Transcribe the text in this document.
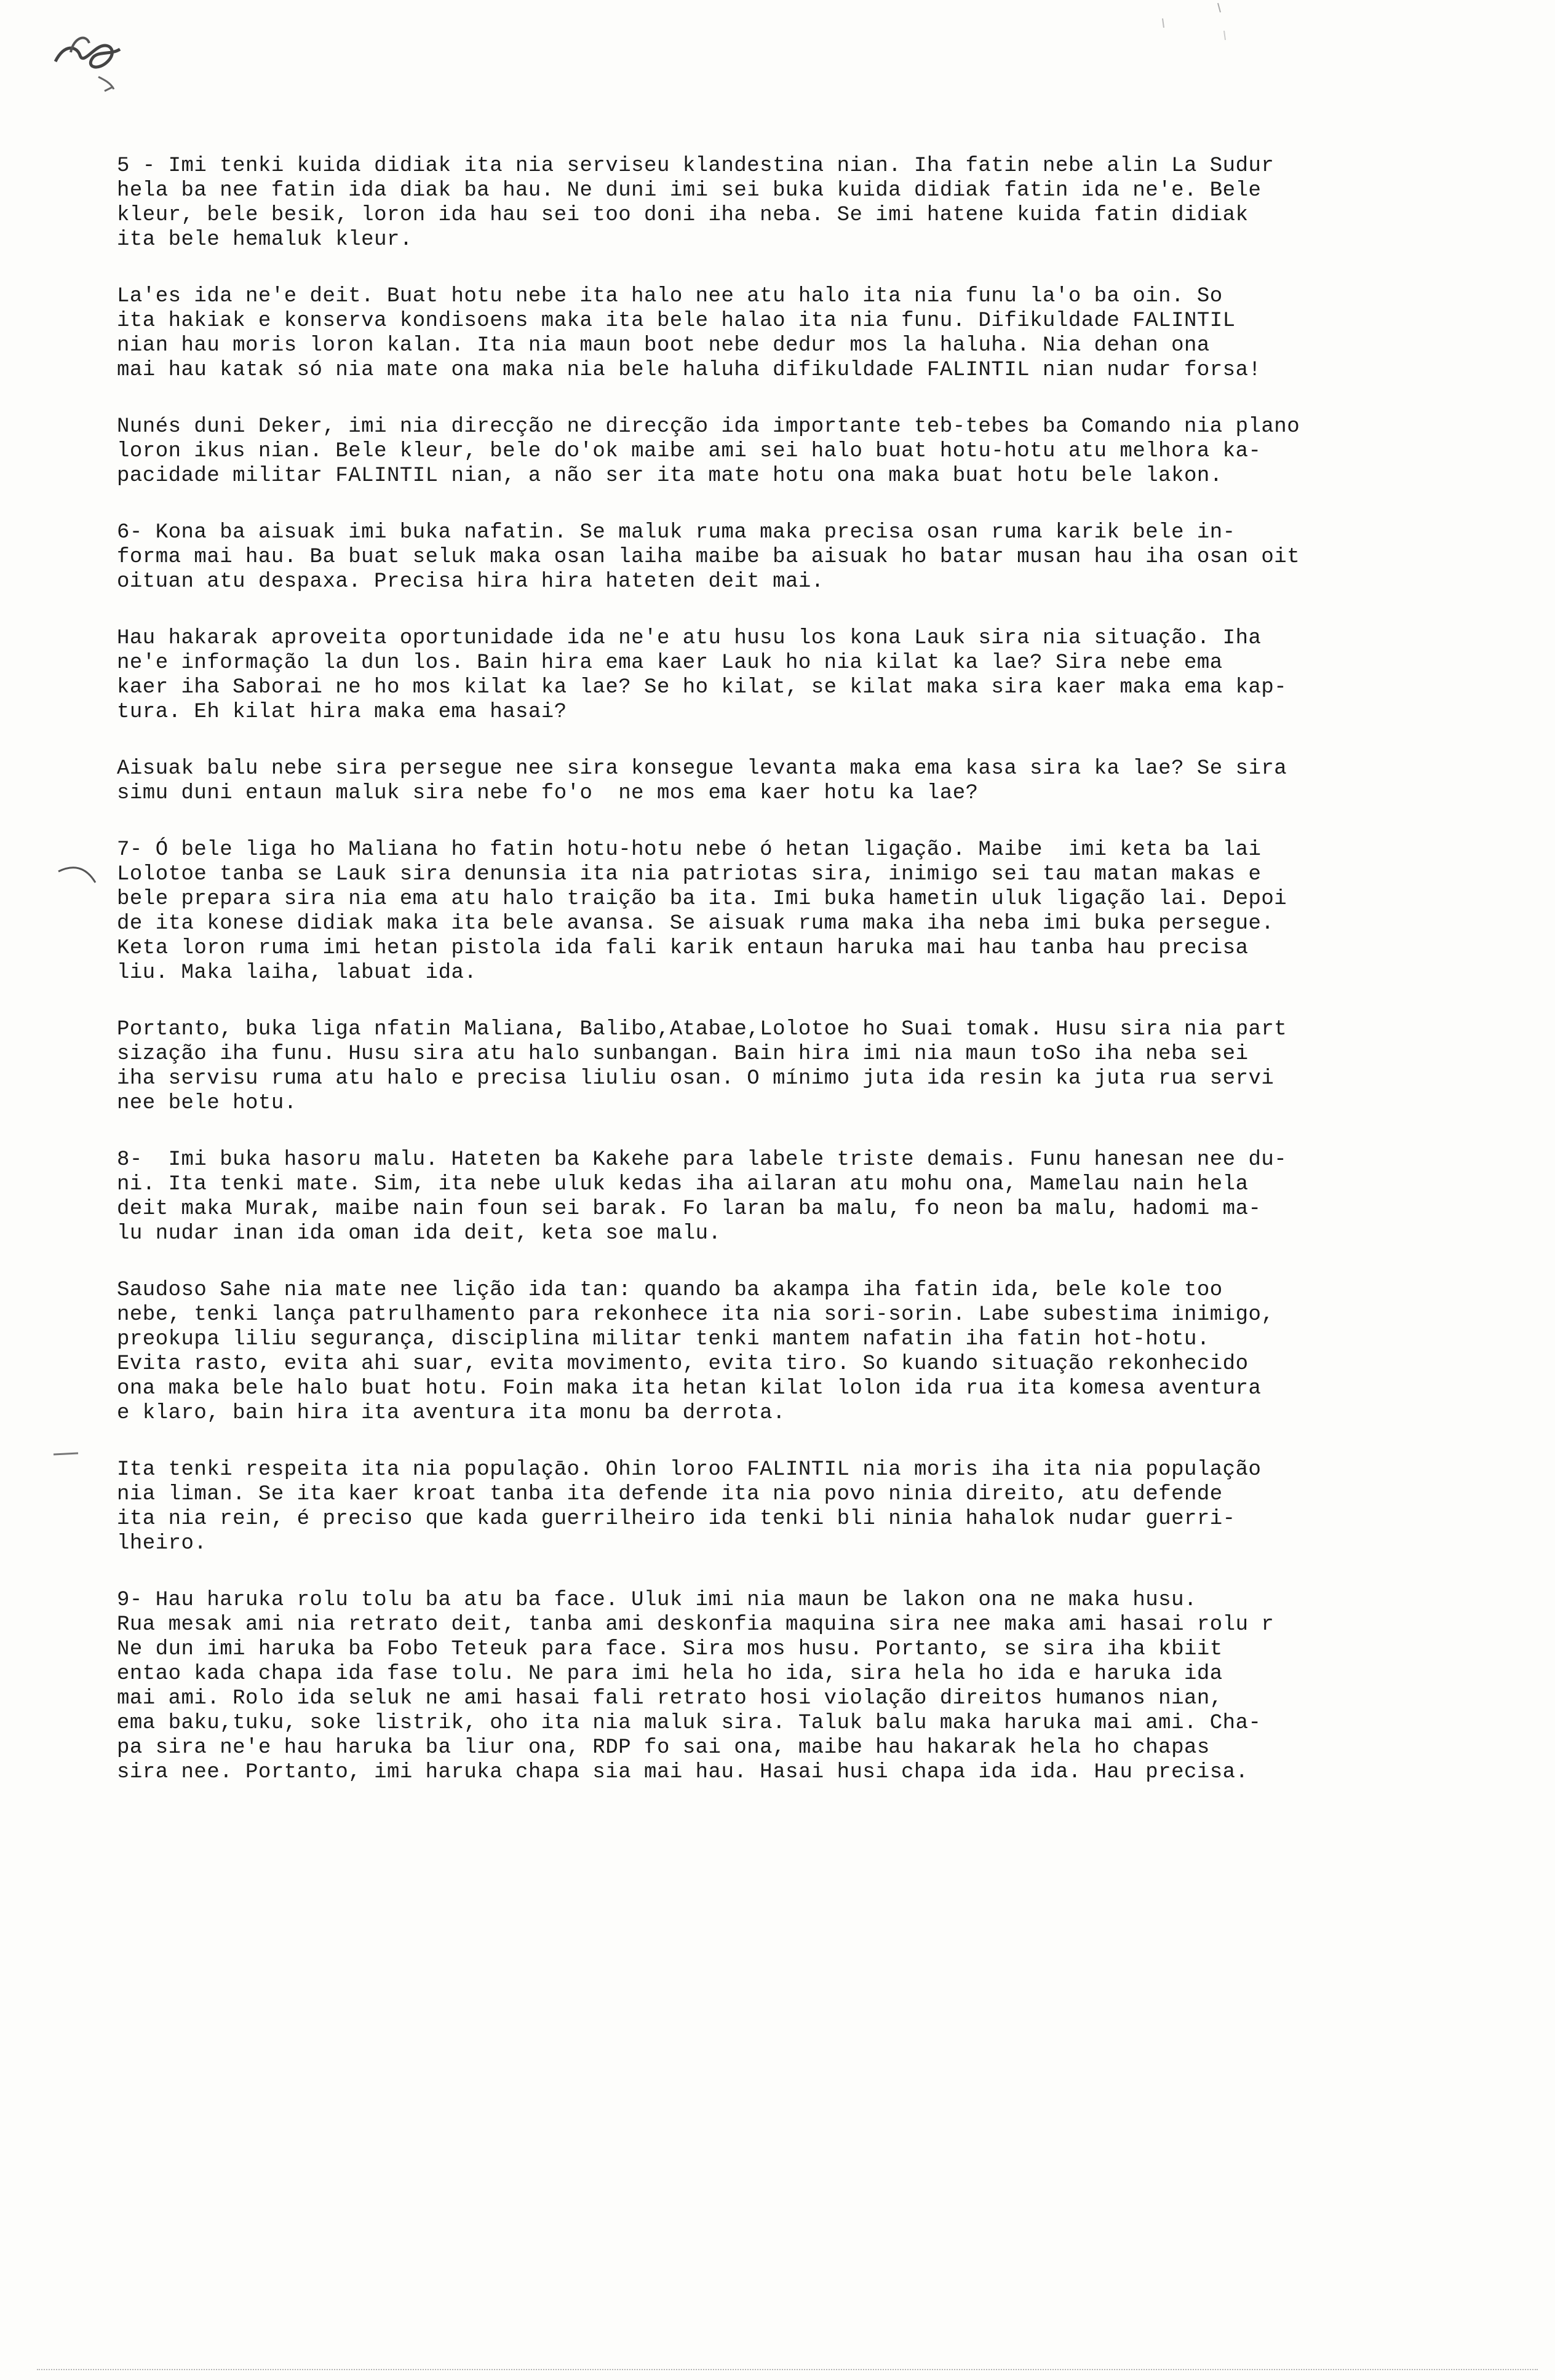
5 - Imi tenki kuida didiak ita nia serviseu klandestina nian. Iha fatin nebe alin La Sudur
hela ba nee fatin ida diak ba hau. Ne duni imi sei buka kuida didiak fatin ida ne'e. Bele
kleur, bele besik, loron ida hau sei too doni iha neba. Se imi hatene kuida fatin didiak
ita bele hemaluk kleur.
La'es ida ne'e deit. Buat hotu nebe ita halo nee atu halo ita nia funu la'o ba oin. So
ita hakiak e konserva kondisoens maka ita bele halao ita nia funu. Difikuldade FALINTIL
nian hau moris loron kalan. Ita nia maun boot nebe dedur mos la haluha. Nia dehan ona
mai hau katak só nia mate ona maka nia bele haluha difikuldade FALINTIL nian nudar forsa!
Nunés duni Deker, imi nia direcção ne direcção ida importante teb-tebes ba Comando nia plano
loron ikus nian. Bele kleur, bele do'ok maibe ami sei halo buat hotu-hotu atu melhora ka-
pacidade militar FALINTIL nian, a não ser ita mate hotu ona maka buat hotu bele lakon.
6- Kona ba aisuak imi buka nafatin. Se maluk ruma maka precisa osan ruma karik bele in-
forma mai hau. Ba buat seluk maka osan laiha maibe ba aisuak ho batar musan hau iha osan oit
oituan atu despaxa. Precisa hira hira hateten deit mai.
Hau hakarak aproveita oportunidade ida ne'e atu husu los kona Lauk sira nia situação. Iha
ne'e informação la dun los. Bain hira ema kaer Lauk ho nia kilat ka lae? Sira nebe ema
kaer iha Saborai ne ho mos kilat ka lae? Se ho kilat, se kilat maka sira kaer maka ema kap-
tura. Eh kilat hira maka ema hasai?
Aisuak balu nebe sira persegue nee sira konsegue levanta maka ema kasa sira ka lae? Se sira
simu duni entaun maluk sira nebe fo'o  ne mos ema kaer hotu ka lae?
7- Ó bele liga ho Maliana ho fatin hotu-hotu nebe ó hetan ligação. Maibe  imi keta ba lai
Lolotoe tanba se Lauk sira denunsia ita nia patriotas sira, inimigo sei tau matan makas e
bele prepara sira nia ema atu halo traição ba ita. Imi buka hametin uluk ligação lai. Depoi
de ita konese didiak maka ita bele avansa. Se aisuak ruma maka iha neba imi buka persegue.
Keta loron ruma imi hetan pistola ida fali karik entaun haruka mai hau tanba hau precisa
liu. Maka laiha, labuat ida.
Portanto, buka liga nfatin Maliana, Balibo,Atabae,Lolotoe ho Suai tomak. Husu sira nia part
sização iha funu. Husu sira atu halo sunbangan. Bain hira imi nia maun toSo iha neba sei
iha servisu ruma atu halo e precisa liuliu osan. O mínimo juta ida resin ka juta rua servi
nee bele hotu.
8-  Imi buka hasoru malu. Hateten ba Kakehe para labele triste demais. Funu hanesan nee du-
ni. Ita tenki mate. Sim, ita nebe uluk kedas iha ailaran atu mohu ona, Mamelau nain hela
deit maka Murak, maibe nain foun sei barak. Fo laran ba malu, fo neon ba malu, hadomi ma-
lu nudar inan ida oman ida deit, keta soe malu.
Saudoso Sahe nia mate nee lição ida tan: quando ba akampa iha fatin ida, bele kole too
nebe, tenki lança patrulhamento para rekonhece ita nia sori-sorin. Labe subestima inimigo,
preokupa liliu segurança, disciplina militar tenki mantem nafatin iha fatin hot-hotu.
Evita rasto, evita ahi suar, evita movimento, evita tiro. So kuando situação rekonhecido
ona maka bele halo buat hotu. Foin maka ita hetan kilat lolon ida rua ita komesa aventura
e klaro, bain hira ita aventura ita monu ba derrota.
Ita tenki respeita ita nia populaçāo. Ohin loroo FALINTIL nia moris iha ita nia população
nia liman. Se ita kaer kroat tanba ita defende ita nia povo ninia direito, atu defende
ita nia rein, é preciso que kada guerrilheiro ida tenki bli ninia hahalok nudar guerri-
lheiro.
9- Hau haruka rolu tolu ba atu ba face. Uluk imi nia maun be lakon ona ne maka husu.
Rua mesak ami nia retrato deit, tanba ami deskonfia maquina sira nee maka ami hasai rolu r
Ne dun imi haruka ba Fobo Teteuk para face. Sira mos husu. Portanto, se sira iha kbiit
entao kada chapa ida fase tolu. Ne para imi hela ho ida, sira hela ho ida e haruka ida
mai ami. Rolo ida seluk ne ami hasai fali retrato hosi violação direitos humanos nian,
ema baku,tuku, soke listrik, oho ita nia maluk sira. Taluk balu maka haruka mai ami. Cha-
pa sira ne'e hau haruka ba liur ona, RDP fo sai ona, maibe hau hakarak hela ho chapas
sira nee. Portanto, imi haruka chapa sia mai hau. Hasai husi chapa ida ida. Hau precisa.
